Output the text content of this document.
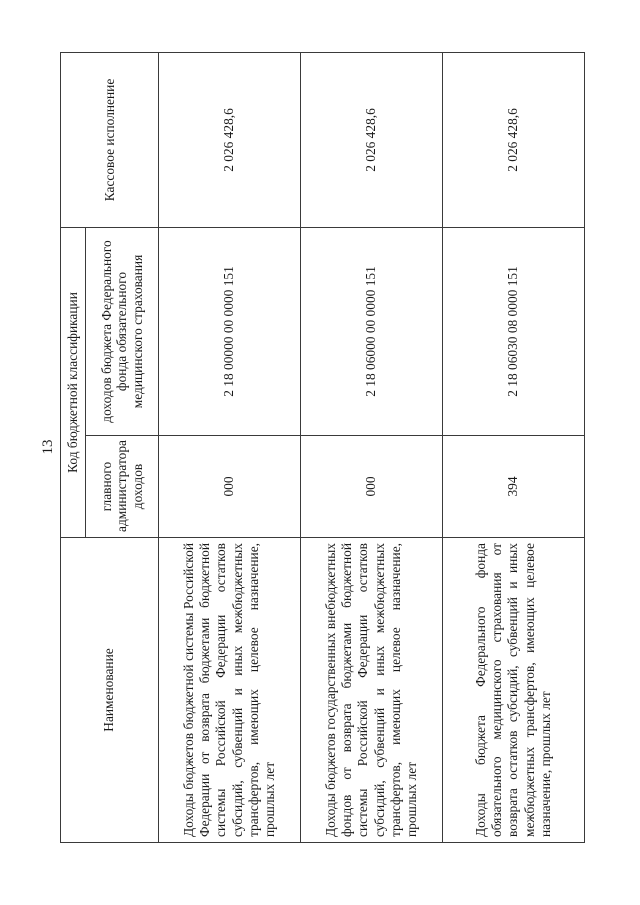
13
Наименование	Код бюджетной классификации		Кассовое исполнение
	главного администратора доходов	доходов бюджета Федерального фонда обязательного медицинского страхования	
Доходы бюджетов бюджетной системы Российской Федерации от возврата бюджетами бюджетной системы Российской Федерации остатков субсидий, субвенций и иных межбюджетных трансфертов, имеющих целевое назначение, прошлых лет	000	2 18 00000 00 0000 151	2 026 428,6
Доходы бюджетов государственных внебюджетных фондов от возврата бюджетами бюджетной системы Российской Федерации остатков субсидий, субвенций и иных межбюджетных трансфертов, имеющих целевое назначение, прошлых лет	000	2 18 06000 00 0000 151	2 026 428,6
Доходы бюджета Федерального фонда обязательного медицинского страхования от возврата остатков субсидий, субвенций и иных межбюджетных трансфертов, имеющих целевое назначение, прошлых лет	394	2 18 06030 08 0000 151	2 026 428,6
